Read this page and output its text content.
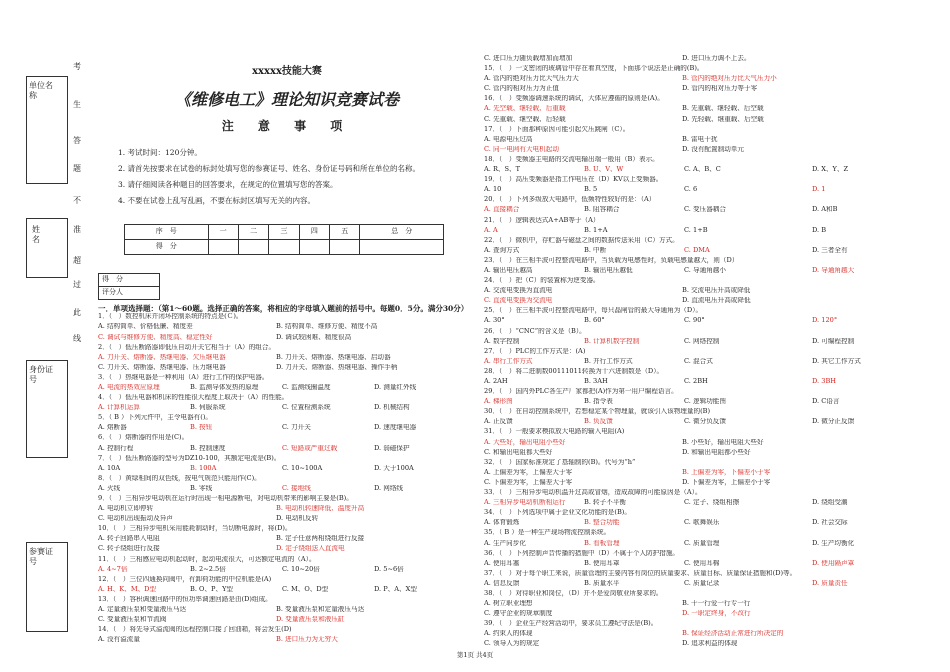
考
生
答
题
不
准
超
过
此
线
单位名称
姓名
身份证号
参赛证号
xxxxx技能大赛
《维修电工》理论知识竞赛试卷
注 意 事 项
1. 考试时间：120分钟。
2. 请首先按要求在试卷的标封处填写您的参赛证号、姓名、身份证号码和所在单位的名称。
3. 请仔细阅读各种题目的回答要求，在规定的位置填写您的答案。
4. 不要在试卷上乱写乱画，不要在标封区填写无关的内容。
序　号	一	二	三	四	五	总　分
得　分						
得　分
评分人
一．单项选择题：（第1～60题。选择正确的答案，将相应的字母填入题前的括号中。每题0．5分。满分30分）
1．（　）数控机床并闭环控制系统的特点是(Ｃ)。
A. 结构简单、价格低廉、精度差	B. 结构简单、维修方便、精度不高
C. 调试与维修方便、精度高、稳定性好	D. 调试较困难、精度很高
2．（　）低压断路器即低压自动开关它相当于（A）的组合。
A. 刀开关、熔断器、热继电器、欠压继电器	B. 刀开关、熔断器、热继电器、启动器
C. 刀开关、熔断器、热继电器、压力继电器	D. 刀开关、熔断器、热继电器、操作手柄
3．（　）热继电器是一种利用（A）进行工作的保护电器。
A. 电流的热效应原理	B. 监测导体发热的原理	C. 监测线圈温度	D. 测量红外线
4．（　）低压电器和机床的性能很大程度上取决于（A）的性能。
A. 计算机运算	B. 伺服系统	C. 位置检测系统	D. 机械结构
5．（ B ）下列元件中，主令电器有()。
A. 熔断器	B. 按钮	C. 刀开关	D. 速度继电器
6．（　）熔断器的作用是(C)。
A. 控制行程	B. 控制速度	C. 短路或严重过载	D. 弱磁保护
7．（　）低压断路器的型号为DZ10-100，其额定电流是(B)。
A. 10A	B. 100A	C. 10~100A	D. 大于100A
8．（　）黄绿相间的双色线，按电气规范只能用作(C)。
A. 火线	B. 零线	C. 接地线	D. 网络线
9．（　）三相异步电动机在运行时出现一相电源断电，对电动机带来的影响主要是(B)。
A. 电动机立即停转	B. 电动机转速降低、温度升高
C. 电动机出现振动及异声	D. 电动机反转
10．（　）三相异步电机采用能耗制动时，当切断电源时，将(D)。
A. 转子回路串入电阻	B. 定子任意两相绕组进行反接
C. 转子绕组进行反接	D. 定子绕组送入直流电
11．（　）三相感应电动机起动时，起动电流很大，可达额定电流的（A）。
A. 4~7倍	B. 2~2.5倍	C. 10~20倍	D. 5~6倍
12．（　）三位四通换向阀中，有卸荷功能的中位机能是(A)
A. H、K、M、D型	B. O、P、Y型	C. M、O、D型	D. P、A、X型
13．（　）容积调速回路中的恒功率调速回路是由(D)组成。
A. 定量液压泵和变量液压马达	B. 变量液压泵和定量液压马达
C. 变量液压泵和节流阀	D. 变量液压泵和液压缸
14．（　）将先导式溢流阀的远程控制口接了回油箱，将会发生(D)
A. 没有溢流量	B. 进口压力为无穷大
C. 进口压力随负载增加而增加	D. 进口压力调不上去。
15．（　）一支密闭的玻璃管中存在着真空度，下面那个说法是正确的(B)。
A. 管内的绝对压力比大气压力大	B. 管内的绝对压力比大气压力小
C. 管内的相对压力为正值	D. 管内的相对压力等于零
16．（　）变频器调速系统的调试，大体应遵循的原则是(A)。
A. 先空载、继轻载、后重载	B. 先重载、继轻载、后空载
C. 先重载、继空载、后轻载	D. 先轻载、继重载、后空载
17．（　）下面那种原因可能引起欠压跳闸（C）。
A. 电源电压过高	B. 雷电干扰
C. 同一电网有大电机起动	D. 没有配置制动单元
18．（　）变频器主电路的交流电输出端一般用（B）表示。
A. R、S、T	B. U、V、W	C. A、B、C	D. X、Y、Z
19．（　）高压变频器是指工作电压在（D）KV以上变频器。
A. 10	B. 5	C. 6	D. 1
20．（　）下列多级放大电路中，低频特性较好的是：（A）
A. 直接耦合	B. 阻容耦合	C. 变压器耦合	D. A和B
21．（　）逻辑表达式A+AB等于（A）
A. A	B. 1+A	C. 1+B	D. B
22．（　）微机中，存贮器与磁盘之间的数据传送采用（C）方式。
A. 查询方式	B. 中断	C. DMA	D. 三者全有
23．（　）在三相半波可控整流电路中，当负载为电感性时，负载电感量越大，则（D）
A. 输出电压越高	B. 输出电压越低	C. 导通角越小	D. 导通角越大
24．（　）把（C）的装置称为逆变器。
A. 交流电变换为直流电	B. 交流电压升高或降低
C. 直流电变换为交流电	D. 直流电压升高或降低
25．（　）在三相半波可控整流电路中，每只晶闸管的最大导通角为（D）。
A. 30°	B. 60°	C. 90°	D. 120°
26．（　）“CNC”的含义是（B）。
A. 数字控制	B. 计算机数字控制	C. 网络控制	D. 可编程控制
27．（　）PLC的工作方式是：(A)
A. 串行工作方式	B. 并行工作方式	C. 混合式	D. 其它工作方式
28．（　）将二进制数00111011转换为十六进制数是（D）。
A. 2AH	B. 3AH	C. 2BH	D. 3BH
29．（　）国内外PLC各生产厂家都把(A)作为第一用户编程语言。
A. 梯形图	B. 指令表	C. 逻辑功能图	D. C语言
30．（　）在自动控制系统中，若想稳定某个物理量，就该引入该物理量的(B)
A. 正反馈	B. 负反馈	C. 微分负反馈	D. 微分正反馈
31．（　）一般要求模拟放大电路的输入电阻(A)
A. 大些好，输出电阻小些好	B. 小些好，输出电阻大些好
C. 和输出电阻都大些好	D. 和输出电阻都小些好
32．（　）国家标准规定了基轴制的(B)。代号为“h”
A. 上偏差为零，上偏差大于零	B. 上偏差为零，下偏差小于零
C. 下偏差为零，上偏差大于零	D. 下偏差为零，上偏差小于零
33．（　）三相异步电动机温升过高或冒烟，造成故障的可能原因是（A）。
A. 三相异步电动机断相运行	B. 转子不平衡	C. 定子、绕组相擦	D. 绕组受潮
34．（　）下列选项中属于企业文化功能的是(B)。
A. 体育锻炼	B. 整合功能	C. 歌舞娱乐	D. 社会交际
35．（ B ）是一种生产现场物流控制系统。
A. 生产同步化	B. 看板管理	C. 质量管理	D. 生产均衡化
36．（　）下列控制声音传播的措施中（D）不属于个人防护措施。
A. 使用耳塞	B. 使用耳罩	C. 使用耳棉	D. 使用隔声罩
37．（　）对于每个职工来说，质量管理的主要内容有岗位的质量要求、质量目标、质量保证措施和(D)等。
A. 信息反馈	B. 质量水平	C. 质量记录	D. 质量责任
38．（　）对待职业和岗位，（D）并不是爱岗敬业所要求的。
A. 树立职业理想	B. 干一行爱一行专一行
C. 遵守企业的规章制度	D. 一职定终身，不改行
39．（　）企业生产经营活动中，要求员工遵纪守法是(B)。
A. 约束人的体现	B. 保证经济活动正常进行所决定的
C. 领导人为的规定	D. 追求利益的体现
第1页 共4页
